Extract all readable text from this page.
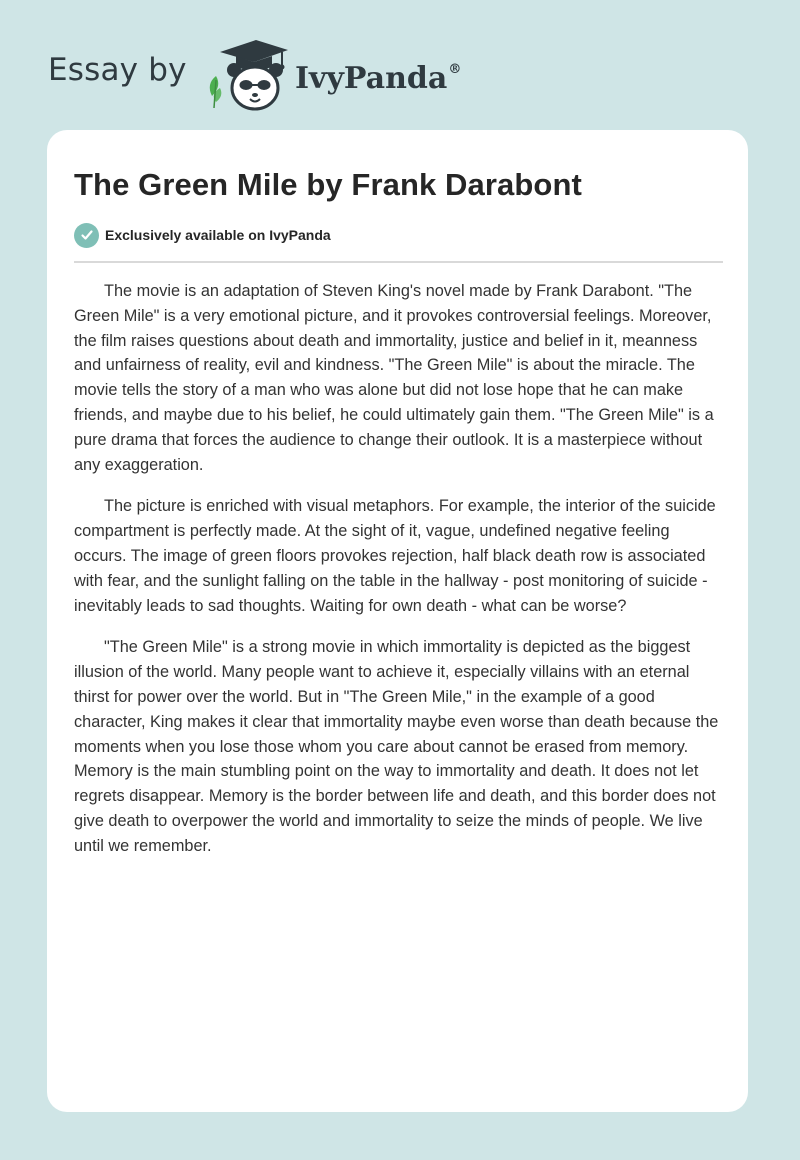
Essay by	IvyPanda®
The Green Mile by Frank Darabont
Exclusively available on IvyPanda

The movie is an adaptation of Steven King's novel made by Frank Darabont. "The Green Mile" is a very emotional picture, and it provokes controversial feelings. Moreover, the film raises questions about death and immortality, justice and belief in it, meanness and unfairness of reality, evil and kindness. "The Green Mile" is about the miracle. The movie tells the story of a man who was alone but did not lose hope that he can make friends, and maybe due to his belief, he could ultimately gain them. "The Green Mile" is a pure drama that forces the audience to change their outlook. It is a masterpiece without any exaggeration.

The picture is enriched with visual metaphors. For example, the interior of the suicide compartment is perfectly made. At the sight of it, vague, undefined negative feeling occurs. The image of green floors provokes rejection, half black death row is associated with fear, and the sunlight falling on the table in the hallway - post monitoring of suicide - inevitably leads to sad thoughts. Waiting for own death - what can be worse?

"The Green Mile" is a strong movie in which immortality is depicted as the biggest illusion of the world. Many people want to achieve it, especially villains with an eternal thirst for power over the world. But in "The Green Mile," in the example of a good character, King makes it clear that immortality maybe even worse than death because the moments when you lose those whom you care about cannot be erased from memory. Memory is the main stumbling point on the way to immortality and death. It does not let regrets disappear. Memory is the border between life and death, and this border does not give death to overpower the world and immortality to seize the minds of people. We live until we remember.
